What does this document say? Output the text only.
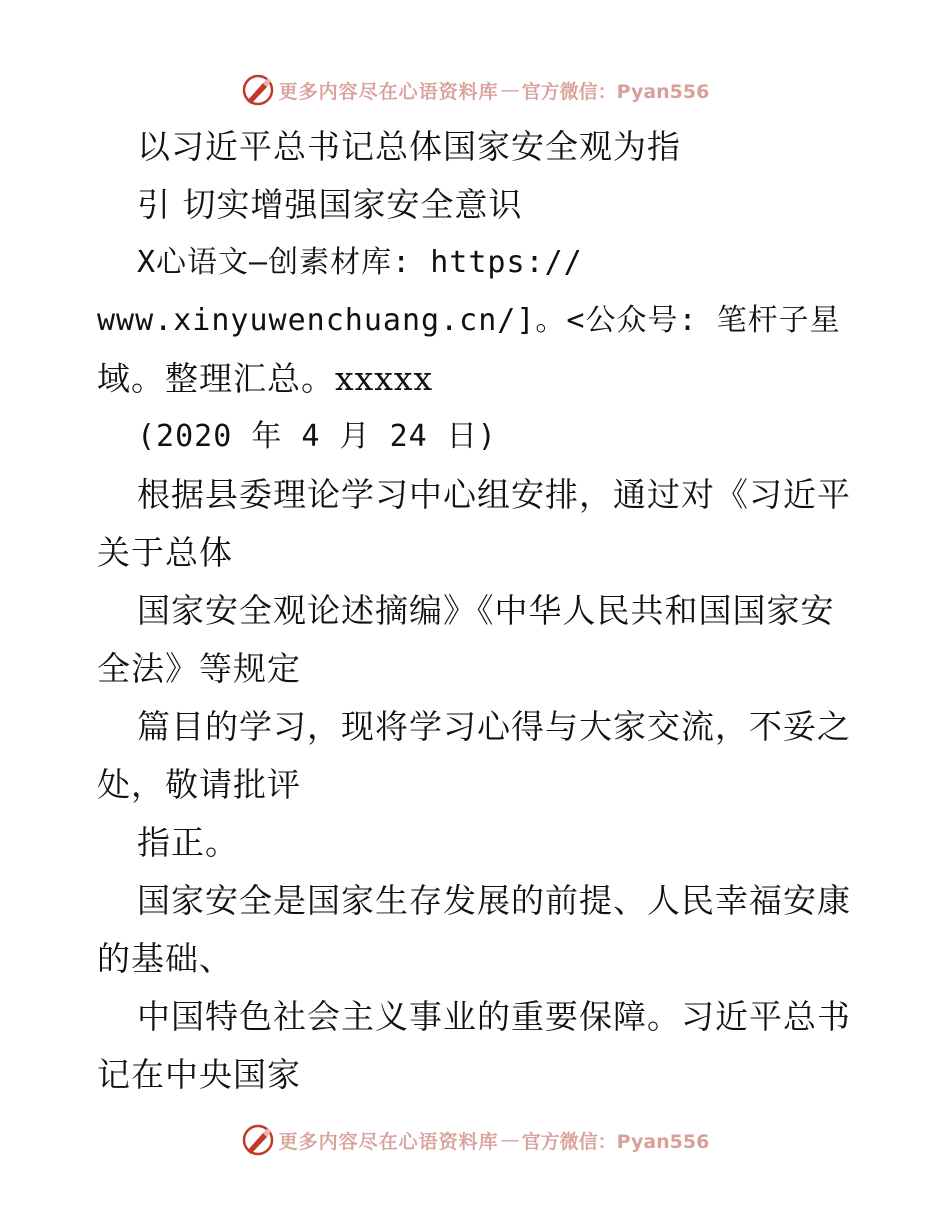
更多内容尽在心语资料库 — 官方微信：Pyan556
以习近平总书记总体国家安全观为指
引 切实增强国家安全意识
X心语文—创素材库: https://
www.xinyuwenchuang.cn/]。<公众号: 笔杆子星
域。整理汇总。xxxxx
(2020 年 4 月 24 日)
根据县委理论学习中心组安排，通过对《习近平
关于总体
国家安全观论述摘编》《中华人民共和国国家安
全法》等规定
篇目的学习，现将学习心得与大家交流，不妥之
处，敬请批评
指正。
国家安全是国家生存发展的前提、人民幸福安康
的基础、
中国特色社会主义事业的重要保障。习近平总书
记在中央国家
更多内容尽在心语资料库 — 官方微信：Pyan556
